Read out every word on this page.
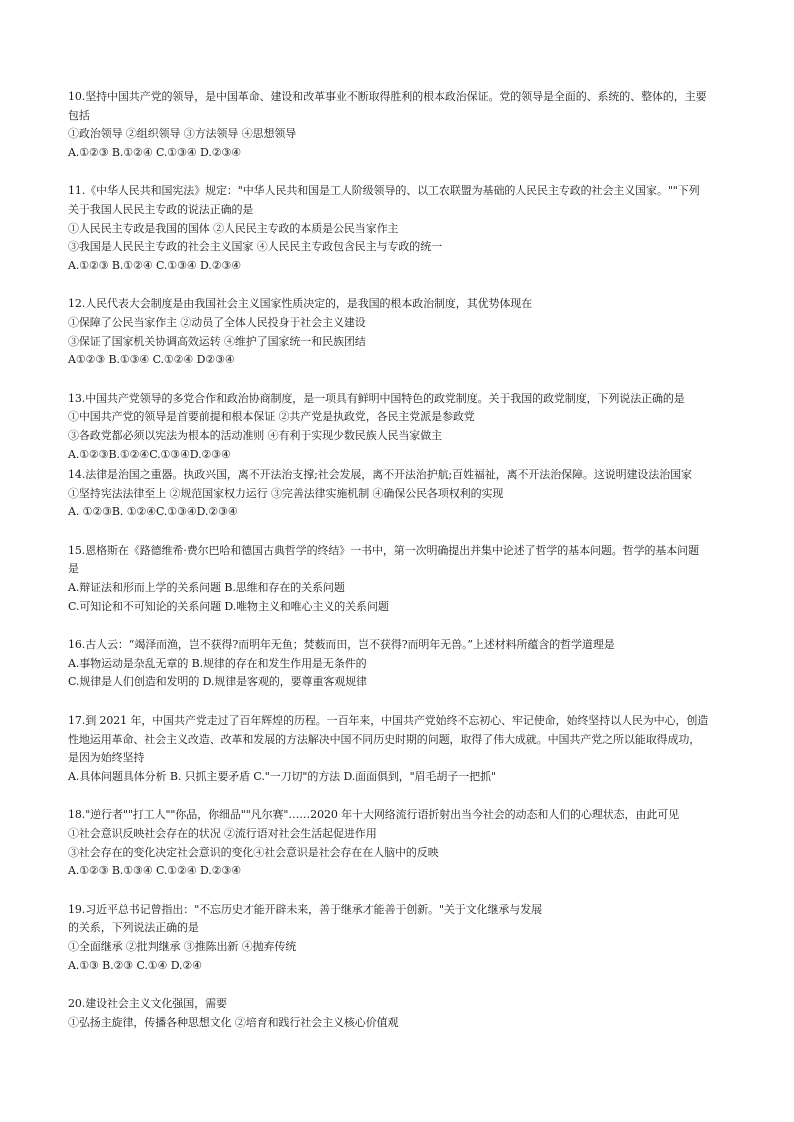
10.坚持中国共产党的领导，是中国革命、建设和改革事业不断取得胜利的根本政治保证。党的领导是全面的、系统的、整体的，主要
包括
①政治领导 ②组织领导 ③方法领导 ④思想领导
A.①②③ B.①②④ C.①③④ D.②③④
11.《中华人民共和国宪法》规定："中华人民共和国是工人阶级领导的、以工农联盟为基础的人民民主专政的社会主义国家。""下列
关于我国人民民主专政的说法正确的是
①人民民主专政是我国的国体 ②人民民主专政的本质是公民当家作主
③我国是人民民主专政的社会主义国家 ④人民民主专政包含民主与专政的统一
A.①②③ B.①②④ C.①③④ D.②③④
12.人民代表大会制度是由我国社会主义国家性质决定的，是我国的根本政治制度，其优势体现在
①保障了公民当家作主 ②动员了全体人民投身于社会主义建设
③保证了国家机关协调高效运转 ④维护了国家统一和民族团结
A①②③ B.①③④ C.①②④ D②③④
13.中国共产党领导的多党合作和政治协商制度，是一项具有鲜明中国特色的政党制度。关于我国的政党制度，下列说法正确的是
①中国共产党的领导是首要前提和根本保证 ②共产党是执政党，各民主党派是参政党
③各政党都必须以宪法为根本的活动准则 ④有利于实现少数民族人民当家做主
A.①②③B.①②④C.①③④D.②③④
14.法律是治国之重器。执政兴国，离不开法治支撑;社会发展，离不开法治护航;百姓福祉，离不开法治保障。这说明建设法治国家
①坚持宪法法律至上 ②规范国家权力运行 ③完善法律实施机制 ④确保公民各项权利的实现
A. ①②③B. ①②④C.①③④D.②③④
15.恩格斯在《路德维希·费尔巴哈和德国古典哲学的终结》一书中，第一次明确提出并集中论述了哲学的基本问题。哲学的基本问题
是
A.辩证法和形而上学的关系问题 B.思维和存在的关系问题
C.可知论和不可知论的关系问题 D.唯物主义和唯心主义的关系问题
16.古人云：“竭泽而渔，岂不获得?而明年无鱼；焚薮而田，岂不获得?而明年无兽。”上述材料所蕴含的哲学道理是
A.事物运动是杂乱无章的 B.规律的存在和发生作用是无条件的
C.规律是人们创造和发明的 D.规律是客观的，要尊重客观规律
17.到 2021 年，中国共产党走过了百年辉煌的历程。一百年来，中国共产党始终不忘初心、牢记使命，始终坚持以人民为中心，创造
性地运用革命、社会主义改造、改革和发展的方法解决中国不同历史时期的问题，取得了伟大成就。中国共产党之所以能取得成功，
是因为始终坚持
A.具体问题具体分析 B. 只抓主要矛盾 C."一刀切"的方法 D.面面俱到，"眉毛胡子一把抓"
18."逆行者""打工人""你品，你细品""凡尔赛"……2020 年十大网络流行语折射出当今社会的动态和人们的心理状态，由此可见
①社会意识反映社会存在的状况 ②流行语对社会生活起促进作用
③社会存在的变化决定社会意识的变化④社会意识是社会存在在人脑中的反映
A.①②③ B.①③④ C.①②④ D.②③④
19.习近平总书记曾指出："不忘历史才能开辟未来，善于继承才能善于创新。"关于文化继承与发展
的关系，下列说法正确的是
①全面继承 ②批判继承 ③推陈出新 ④抛弃传统
A.①③ B.②③ C.①④ D.②④
20.建设社会主义文化强国，需要
①弘扬主旋律，传播各种思想文化 ②培育和践行社会主义核心价值观
